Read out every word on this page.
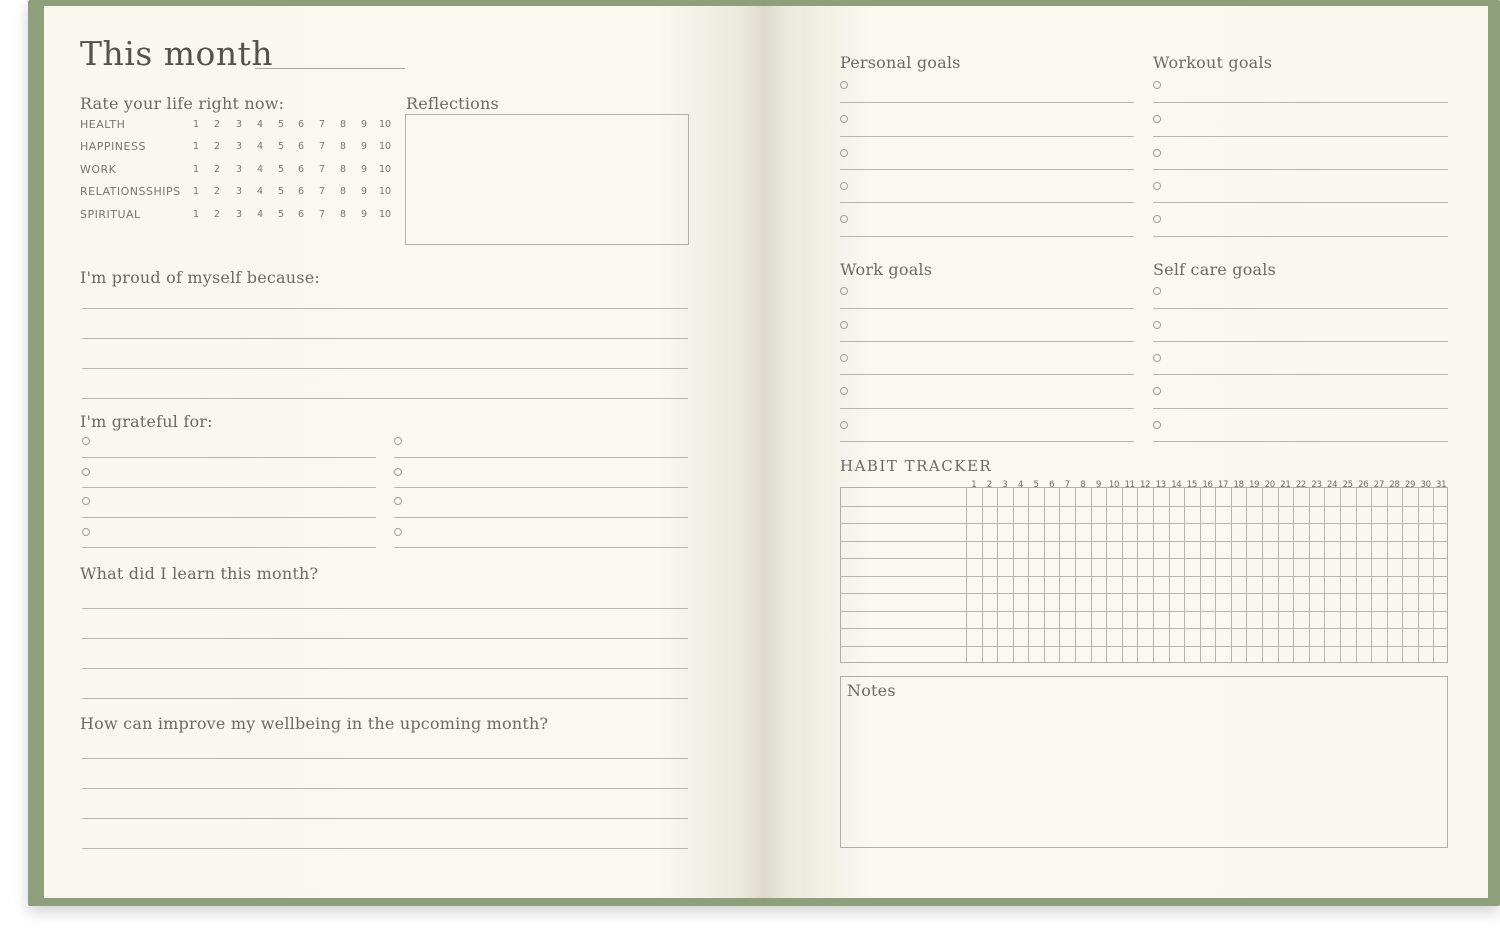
This month
Rate your life right now:
HEALTH	1	2	3	4	5	6	7	8	9	10
HAPPINESS	1	2	3	4	5	6	7	8	9	10
WORK	1	2	3	4	5	6	7	8	9	10
RELATIONSSHIPS	1	2	3	4	5	6	7	8	9	10
SPIRITUAL	1	2	3	4	5	6	7	8	9	10
Reflections
I'm proud of myself because:
I'm grateful for:
What did I learn this month?
How can improve my wellbeing in the upcoming month?
Personal goals	Workout goals
Work goals	Self care goals
HABIT TRACKER
1	2	3	4	5	6	7	8	9 10 11 12 13 14 15 16 17 18 19 20 21 22 23 24 25 26 27 28 29 30 31
Notes
